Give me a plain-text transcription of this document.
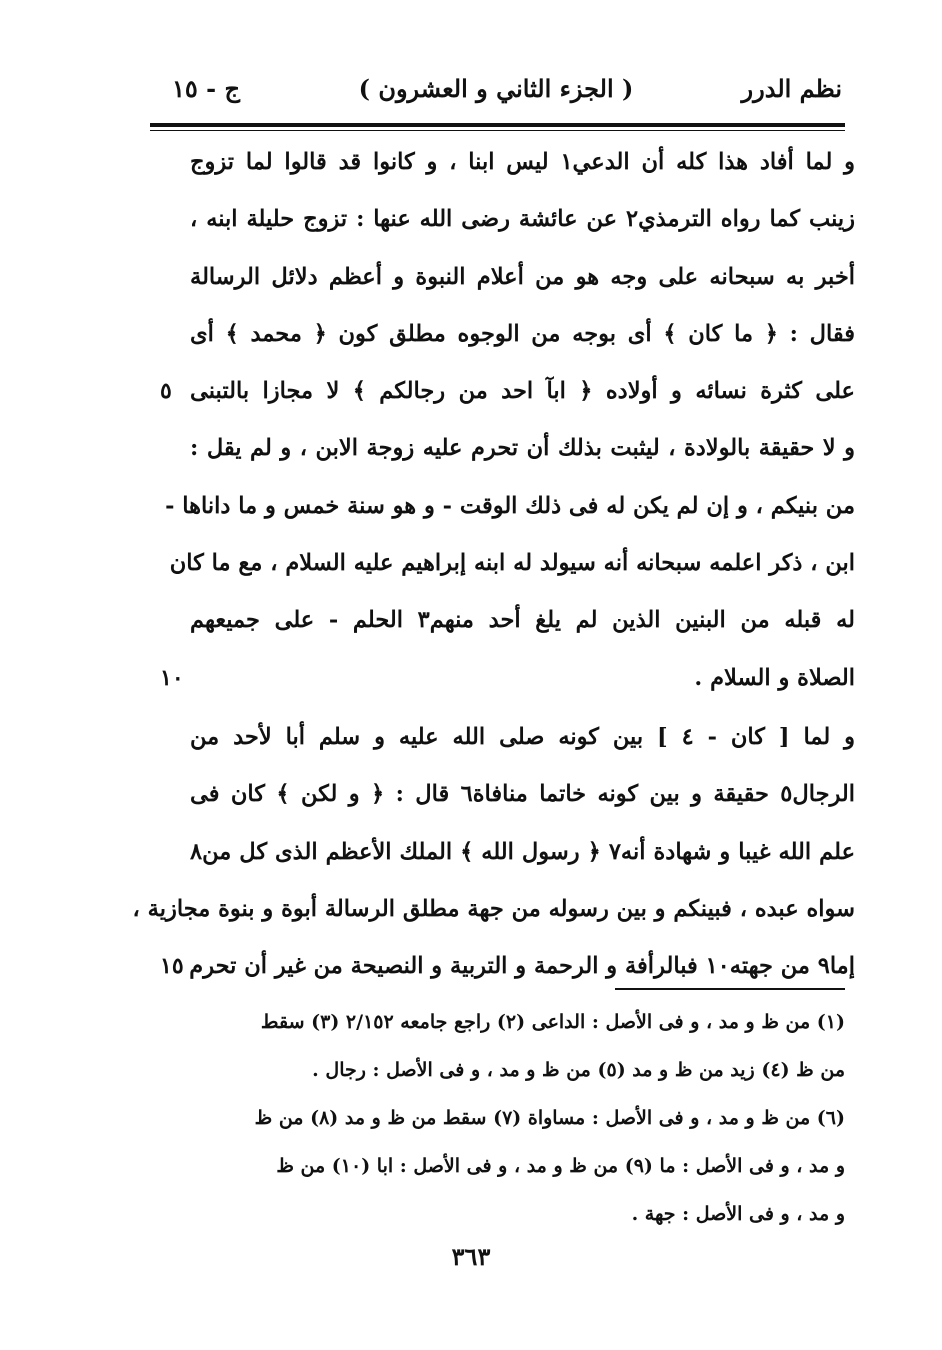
نظم الدرر
( الجزء الثاني و العشرون )
ج - ١٥
و لما أفاد هذا كله أن الدعي١ ليس ابنا ، و كانوا قد قالوا لما تزوج
زينب كما رواه الترمذي٢ عن عائشة رضى الله عنها : تزوج حليلة ابنه ،
أخبر به سبحانه على وجه هو من أعلام النبوة و أعظم دلائل الرسالة
فقال : ﴿ ما كان ﴾ أى بوجه من الوجوه مطلق كون ﴿ محمد ﴾ أى
على كثرة نسائه و أولاده ﴿ ابآ احد من رجالكم ﴾ لا مجازا بالتبنى
٥
و لا حقيقة بالولادة ، ليثبت بذلك أن تحرم عليه زوجة الابن ، و لم يقل :
من بنيكم ، و إن لم يكن له فى ذلك الوقت - و هو سنة خمس و ما داناها -
ابن ، ذكر اعلمه سبحانه أنه سيولد له ابنه إبراهيم عليه السلام ، مع ما كان
له قبله من البنين الذين لم يلغ أحد منهم٣ الحلم - على جميعهم
الصلاة و السلام .
١٠
و لما [ كان - ٤ ] بين كونه صلى الله عليه و سلم أبا لأحد من
الرجال٥ حقيقة و بين كونه خاتما منافاة٦ قال : ﴿ و لكن ﴾ كان فى
علم الله غيبا و شهادة أنه٧ ﴿ رسول الله ﴾ الملك الأعظم الذى كل من٨
سواه عبده ، فبينكم و بين رسوله من جهة مطلق الرسالة أبوة و بنوة مجازية ،
إما٩ من جهته١٠ فبالرأفة و الرحمة و التربية و النصيحة من غير أن تحرم
١٥
(١) من ظ و مد ، و فى الأصل : الداعى (٢) راجع جامعه ٢/١٥٢ (٣) سقط
من ظ (٤) زيد من ظ و مد (٥) من ظ و مد ، و فى الأصل : رجال .
(٦) من ظ و مد ، و فى الأصل : مساواة (٧) سقط من ظ و مد (٨) من ظ
و مد ، و فى الأصل : ما (٩) من ظ و مد ، و فى الأصل : ابا (١٠) من ظ
و مد ، و فى الأصل : جهة .
٣٦٣
